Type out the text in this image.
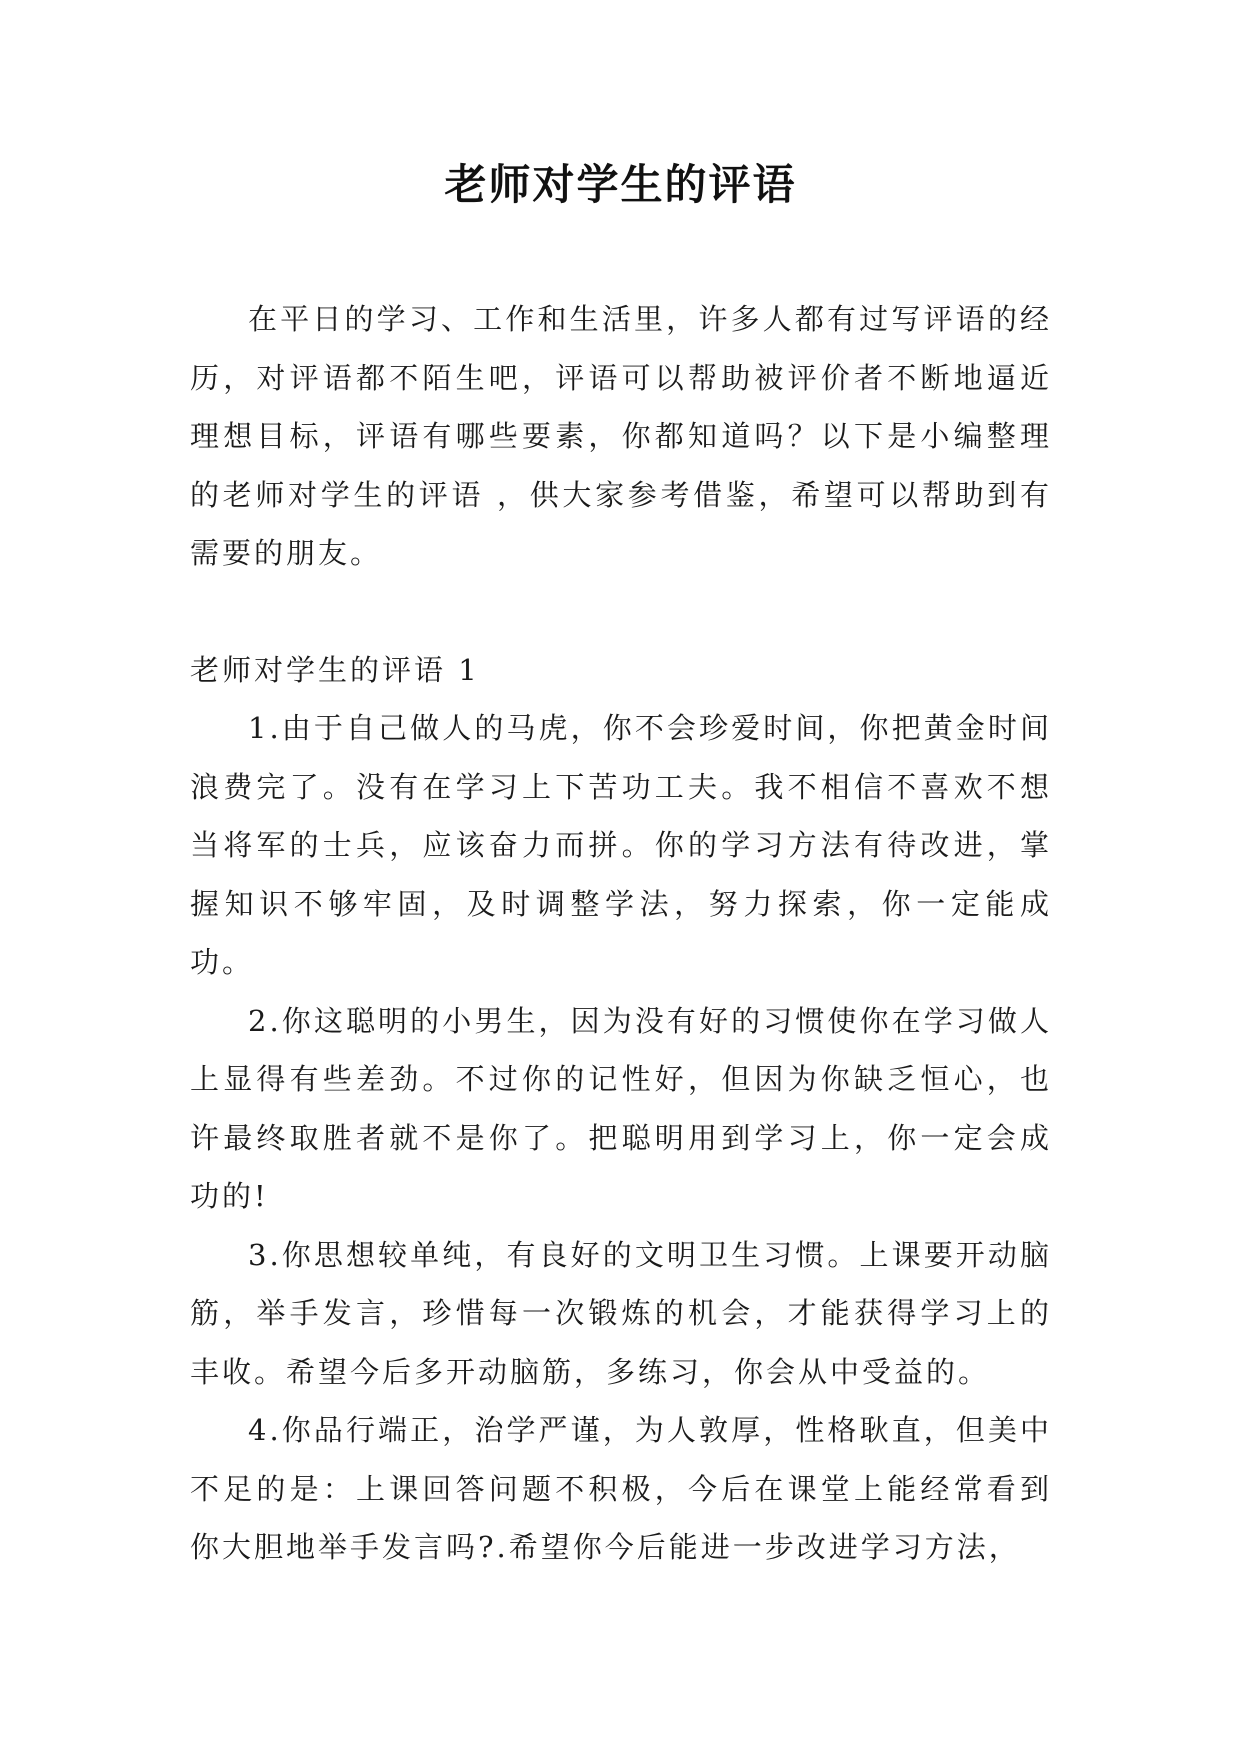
老师对学生的评语

在平日的学习、工作和生活里，许多人都有过写评语的经历，对评语都不陌生吧，评语可以帮助被评价者不断地逼近理想目标，评语有哪些要素，你都知道吗？以下是小编整理的老师对学生的评语 ，供大家参考借鉴，希望可以帮助到有需要的朋友。

老师对学生的评语 1

1.由于自己做人的马虎，你不会珍爱时间，你把黄金时间浪费完了。没有在学习上下苦功工夫。我不相信不喜欢不想当将军的士兵，应该奋力而拼。你的学习方法有待改进，掌握知识不够牢固，及时调整学法，努力探索，你一定能成功。

2.你这聪明的小男生，因为没有好的习惯使你在学习做人上显得有些差劲。不过你的记性好，但因为你缺乏恒心，也许最终取胜者就不是你了。把聪明用到学习上，你一定会成功的!

3.你思想较单纯，有良好的文明卫生习惯。上课要开动脑筋，举手发言，珍惜每一次锻炼的机会，才能获得学习上的丰收。希望今后多开动脑筋，多练习，你会从中受益的。

4.你品行端正，治学严谨，为人敦厚，性格耿直，但美中不足的是：上课回答问题不积极，今后在课堂上能经常看到你大胆地举手发言吗?.希望你今后能进一步改进学习方法，
